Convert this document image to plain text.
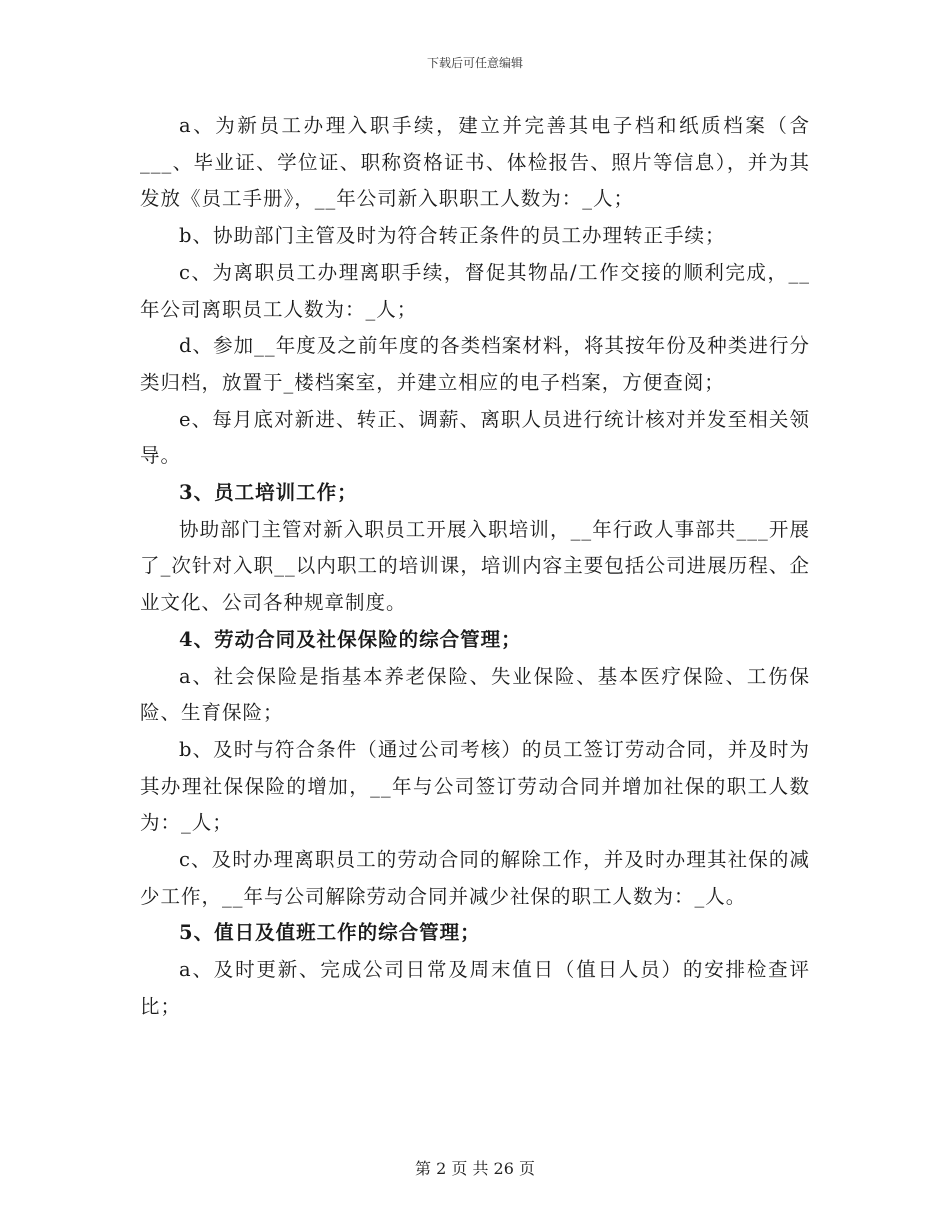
下载后可任意编辑

a、为新员工办理入职手续，建立并完善其电子档和纸质档案（含___、毕业证、学位证、职称资格证书、体检报告、照片等信息），并为其发放《员工手册》，__年公司新入职职工人数为：_人；

b、协助部门主管及时为符合转正条件的员工办理转正手续；

c、为离职员工办理离职手续，督促其物品/工作交接的顺利完成，__年公司离职员工人数为：_人；

d、参加__年度及之前年度的各类档案材料，将其按年份及种类进行分类归档，放置于_楼档案室，并建立相应的电子档案，方便查阅；

e、每月底对新进、转正、调薪、离职人员进行统计核对并发至相关领导。

3、员工培训工作；

协助部门主管对新入职员工开展入职培训，__年行政人事部共___开展了_次针对入职__以内职工的培训课，培训内容主要包括公司进展历程、企业文化、公司各种规章制度。

4、劳动合同及社保保险的综合管理；

a、社会保险是指基本养老保险、失业保险、基本医疗保险、工伤保险、生育保险；

b、及时与符合条件（通过公司考核）的员工签订劳动合同，并及时为其办理社保保险的增加，__年与公司签订劳动合同并增加社保的职工人数为：_人；

c、及时办理离职员工的劳动合同的解除工作，并及时办理其社保的减少工作，__年与公司解除劳动合同并减少社保的职工人数为：_人。

5、值日及值班工作的综合管理；

a、及时更新、完成公司日常及周末值日（值日人员）的安排检查评比；

第 2 页 共 26 页
